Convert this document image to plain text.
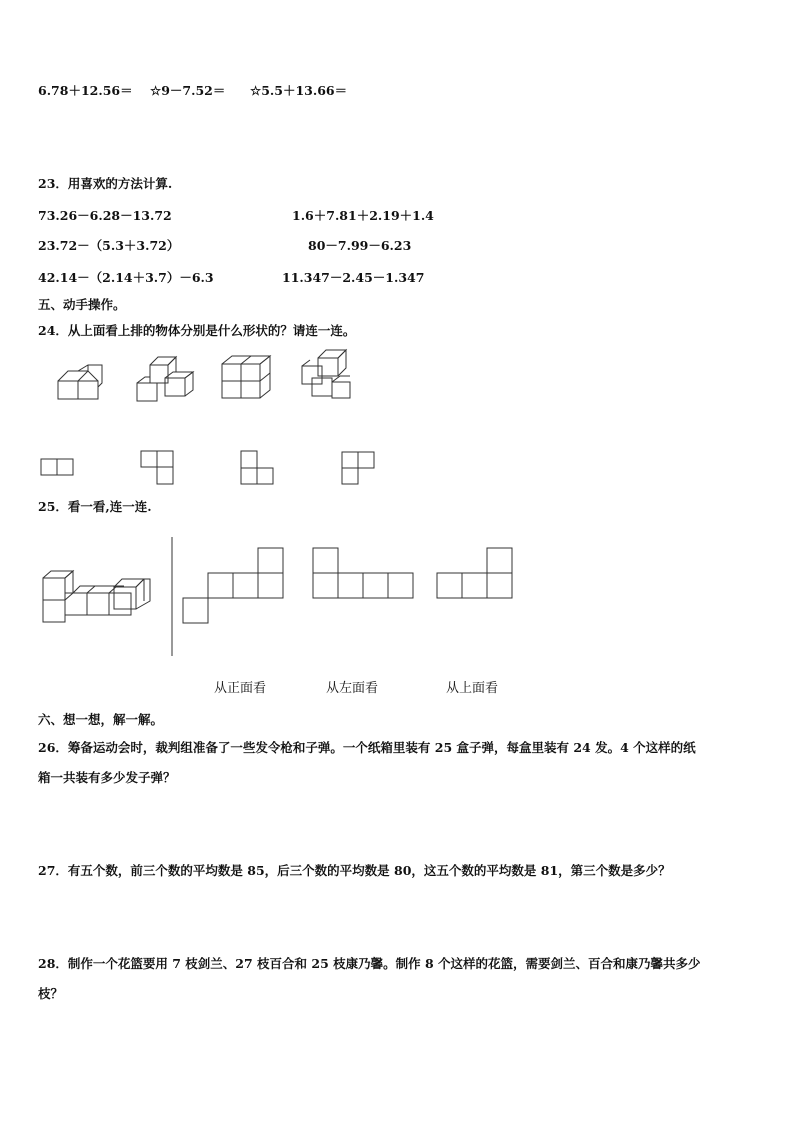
6.78＋12.56＝ ☆9－7.52＝ ☆5.5＋13.66＝
23．用喜欢的方法计算.
73.26－6.28－13.72	1.6＋7.81＋2.19＋1.4
23.72－（5.3＋3.72）	80－7.99－6.23
42.14－（2.14＋3.7）－6.3	11.347－2.45－1.347
五、动手操作。
24．从上面看上排的物体分别是什么形状的？请连一连。
25．看一看,连一连.
从正面看	从左面看	从上面看
六、想一想，解一解。
26．筹备运动会时，裁判组准备了一些发令枪和子弹。一个纸箱里装有 25 盒子弹，每盒里装有 24 发。4 个这样的纸
箱一共装有多少发子弹？
27．有五个数，前三个数的平均数是 85，后三个数的平均数是 80，这五个数的平均数是 81，第三个数是多少？
28．制作一个花篮要用 7 枝剑兰、27 枝百合和 25 枝康乃馨。制作 8 个这样的花篮，需要剑兰、百合和康乃馨共多少
枝？
